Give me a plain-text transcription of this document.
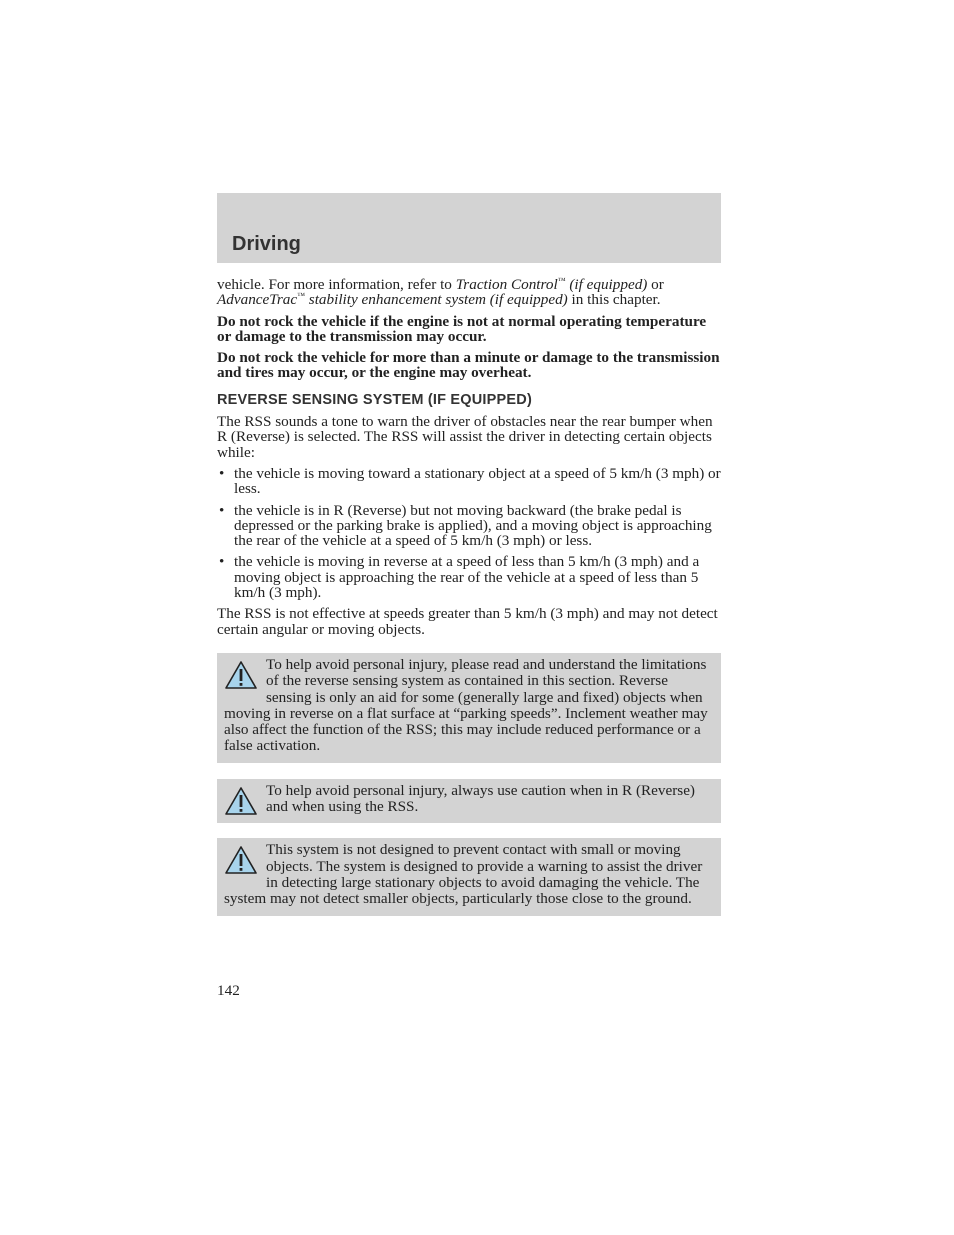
Driving

vehicle. For more information, refer to Traction Control™ (if equipped) or AdvanceTrac™ stability enhancement system (if equipped) in this chapter.

Do not rock the vehicle if the engine is not at normal operating temperature or damage to the transmission may occur.

Do not rock the vehicle for more than a minute or damage to the transmission and tires may occur, or the engine may overheat.

REVERSE SENSING SYSTEM (IF EQUIPPED)

The RSS sounds a tone to warn the driver of obstacles near the rear bumper when R (Reverse) is selected. The RSS will assist the driver in detecting certain objects while:

• the vehicle is moving toward a stationary object at a speed of 5 km/h (3 mph) or less.
• the vehicle is in R (Reverse) but not moving backward (the brake pedal is depressed or the parking brake is applied), and a moving object is approaching the rear of the vehicle at a speed of 5 km/h (3 mph) or less.
• the vehicle is moving in reverse at a speed of less than 5 km/h (3 mph) and a moving object is approaching the rear of the vehicle at a speed of less than 5 km/h (3 mph).

The RSS is not effective at speeds greater than 5 km/h (3 mph) and may not detect certain angular or moving objects.

To help avoid personal injury, please read and understand the limitations of the reverse sensing system as contained in this section. Reverse sensing is only an aid for some (generally large and fixed) objects when moving in reverse on a flat surface at “parking speeds”. Inclement weather may also affect the function of the RSS; this may include reduced performance or a false activation.
To help avoid personal injury, always use caution when in R (Reverse) and when using the RSS.
This system is not designed to prevent contact with small or moving objects. The system is designed to provide a warning to assist the driver in detecting large stationary objects to avoid damaging the vehicle. The system may not detect smaller objects, particularly those close to the ground.
142
